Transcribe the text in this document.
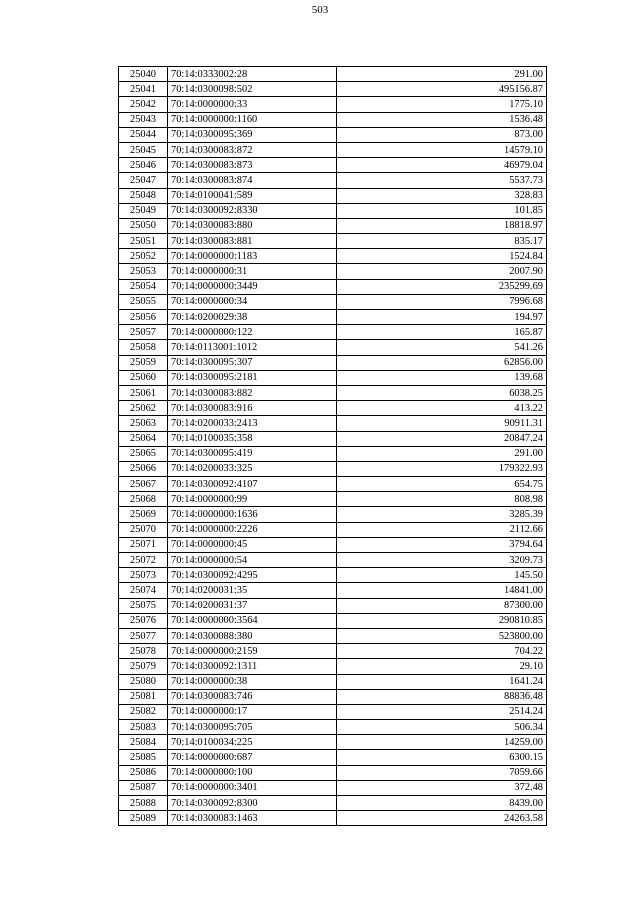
503
25040	70:14:0333002:28	291.00
25041	70:14:0300098:502	495156.87
25042	70:14:0000000:33	1775.10
25043	70:14:0000000:1160	1536.48
25044	70:14:0300095:369	873.00
25045	70:14:0300083:872	14579.10
25046	70:14:0300083:873	46979.04
25047	70:14:0300083:874	5537.73
25048	70:14:0100041:589	328.83
25049	70:14:0300092:8330	101.85
25050	70:14:0300083:880	18818.97
25051	70:14:0300083:881	835.17
25052	70:14:0000000:1183	1524.84
25053	70:14:0000000:31	2007.90
25054	70:14:0000000:3449	235299.69
25055	70:14:0000000:34	7996.68
25056	70:14:0200029:38	194.97
25057	70:14:0000000:122	165.87
25058	70:14:0113001:1012	541.26
25059	70:14:0300095:307	62856.00
25060	70:14:0300095:2181	139.68
25061	70:14:0300083:882	6038.25
25062	70:14:0300083:916	413.22
25063	70:14:0200033:2413	90911.31
25064	70:14:0100035:358	20847.24
25065	70:14:0300095:419	291.00
25066	70:14:0200033:325	179322.93
25067	70:14:0300092:4107	654.75
25068	70:14:0000000:99	808.98
25069	70:14:0000000:1636	3285.39
25070	70:14:0000000:2226	2112.66
25071	70:14:0000000:45	3794.64
25072	70:14:0000000:54	3209.73
25073	70:14:0300092:4295	145.50
25074	70:14:0200031:35	14841.00
25075	70:14:0200031:37	87300.00
25076	70:14:0000000:3564	290810.85
25077	70:14:0300088:380	523800.00
25078	70:14:0000000:2159	704.22
25079	70:14:0300092:1311	29.10
25080	70:14:0000000:38	1641.24
25081	70:14:0300083:746	88836.48
25082	70:14:0000000:17	2514.24
25083	70:14:0300095:705	506.34
25084	70:14:0100034:225	14259.00
25085	70:14:0000000:687	6300.15
25086	70:14:0000000:100	7059.66
25087	70:14:0000000:3401	372.48
25088	70:14:0300092:8300	8439.00
25089	70:14:0300083:1463	24263.58
